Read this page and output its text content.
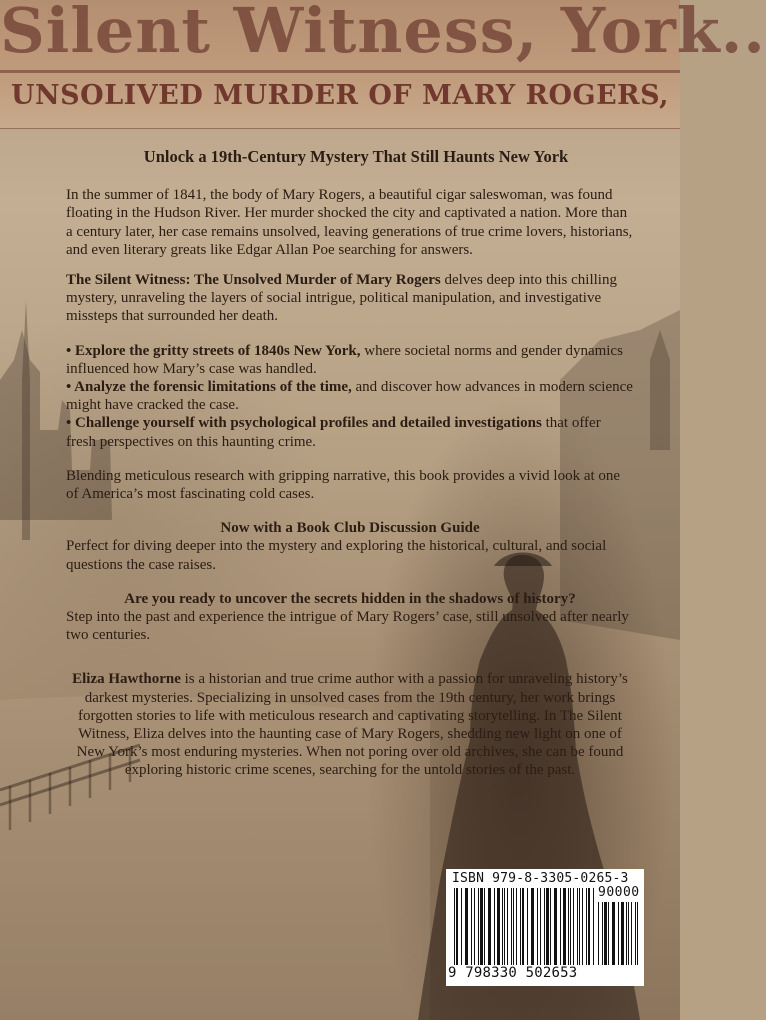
Silent Witness, York..
UNSOLIVED MURDER OF MARY ROGERS,

Unlock a 19th-Century Mystery That Still Haunts New York

In the summer of 1841, the body of Mary Rogers, a beautiful cigar saleswoman, was found floating in the Hudson River. Her murder shocked the city and captivated a nation. More than a century later, her case remains unsolved, leaving generations of true crime lovers, historians, and even literary greats like Edgar Allan Poe searching for answers.

The Silent Witness: The Unsolved Murder of Mary Rogers delves deep into this chilling mystery, unraveling the layers of social intrigue, political manipulation, and investigative missteps that surrounded her death.

• Explore the gritty streets of 1840s New York, where societal norms and gender dynamics influenced how Mary’s case was handled.

• Analyze the forensic limitations of the time, and discover how advances in modern science might have cracked the case.

• Challenge yourself with psychological profiles and detailed investigations that offer fresh perspectives on this haunting crime.

Blending meticulous research with gripping narrative, this book provides a vivid look at one of America’s most fascinating cold cases.

Now with a Book Club Discussion Guide

Perfect for diving deeper into the mystery and exploring the historical, cultural, and social questions the case raises.

Are you ready to uncover the secrets hidden in the shadows of history?

Step into the past and experience the intrigue of Mary Rogers’ case, still unsolved after nearly two centuries.

Eliza Hawthorne is a historian and true crime author with a passion for unraveling history’s darkest mysteries. Specializing in unsolved cases from the 19th century, her work brings forgotten stories to life with meticulous research and captivating storytelling. In The Silent Witness, Eliza delves into the haunting case of Mary Rogers, shedding new light on one of New York’s most enduring mysteries. When not poring over old archives, she can be found exploring historic crime scenes, searching for the untold stories of the past.

ISBN 979-8-3305-0265-3
90000
9 798330 502653
